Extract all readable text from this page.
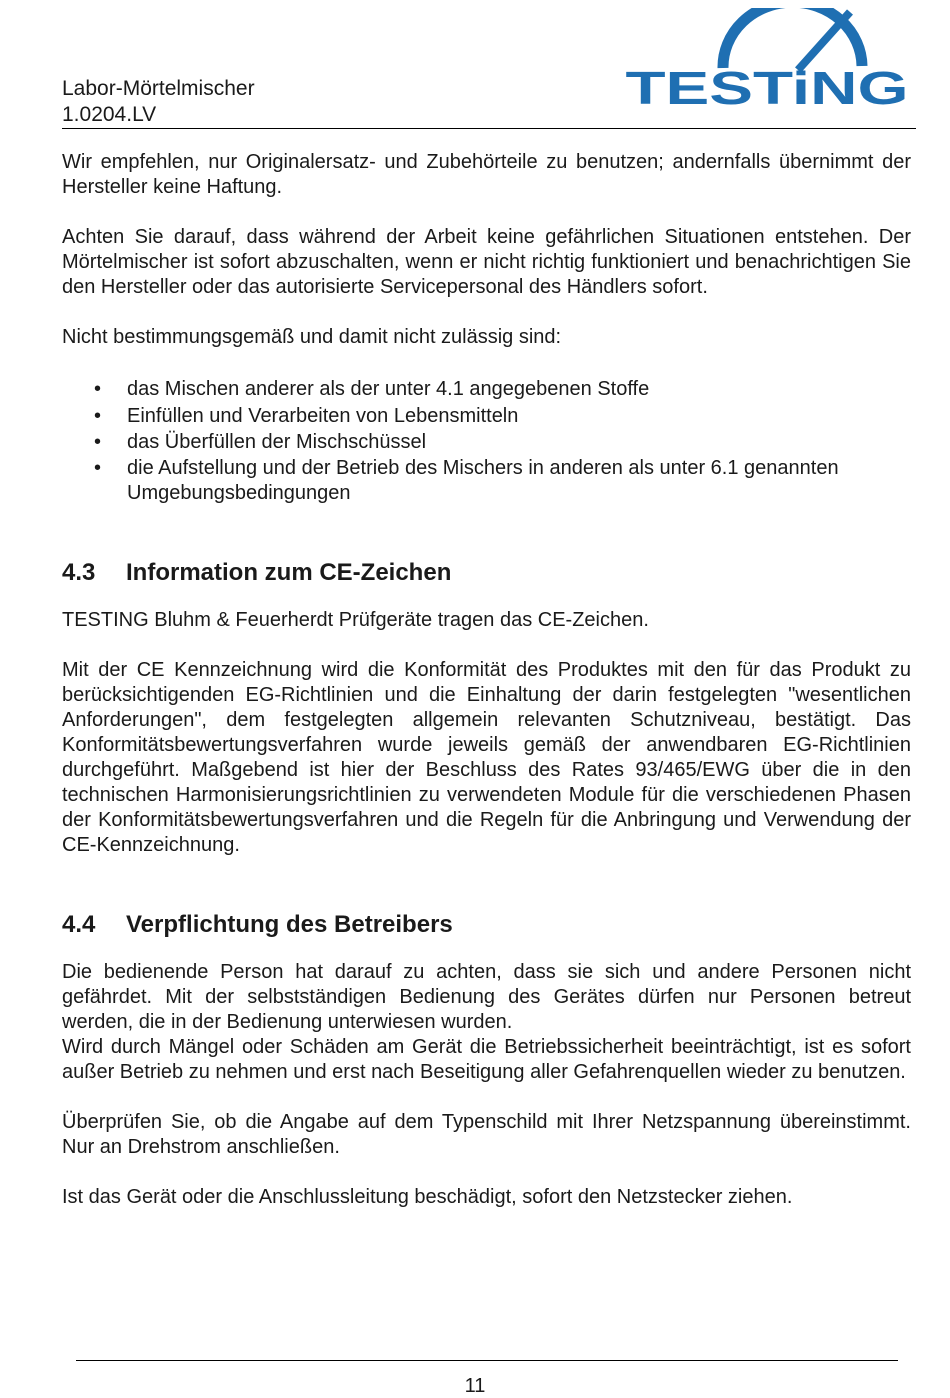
Labor-Mörtelmischer
1.0204.LV
TESTiNG

Wir empfehlen, nur Originalersatz- und Zubehörteile zu benutzen; andernfalls übernimmt der Hersteller keine Haftung.

Achten Sie darauf, dass während der Arbeit keine gefährlichen Situationen entstehen. Der Mörtelmischer ist sofort abzuschalten, wenn er nicht richtig funktioniert und benachrichtigen Sie den Hersteller oder das autorisierte Servicepersonal des Händlers sofort.

Nicht bestimmungsgemäß und damit nicht zulässig sind:

• das Mischen anderer als der unter 4.1 angegebenen Stoffe
• Einfüllen und Verarbeiten von Lebensmitteln
• das Überfüllen der Mischschüssel
• die Aufstellung und der Betrieb des Mischers in anderen als unter 6.1 genannten Umgebungsbedingungen
4.3 Information zum CE-Zeichen

TESTING Bluhm & Feuerherdt Prüfgeräte tragen das CE-Zeichen.

Mit der CE Kennzeichnung wird die Konformität des Produktes mit den für das Produkt zu berücksichtigenden EG-Richtlinien und die Einhaltung der darin festgelegten "wesentlichen Anforderungen", dem festgelegten allgemein relevanten Schutzniveau, bestätigt. Das Konformitätsbewertungsverfahren wurde jeweils gemäß der anwendbaren EG-Richtlinien durchgeführt. Maßgebend ist hier der Beschluss des Rates 93/465/EWG über die in den technischen Harmonisierungsrichtlinien zu verwendeten Module für die verschiedenen Phasen der Konformitätsbewertungsverfahren und die Regeln für die Anbringung und Verwendung der CE-Kennzeichnung.

4.4 Verpflichtung des Betreibers

Die bedienende Person hat darauf zu achten, dass sie sich und andere Personen nicht gefährdet. Mit der selbstständigen Bedienung des Gerätes dürfen nur Personen betreut werden, die in der Bedienung unterwiesen wurden.

Wird durch Mängel oder Schäden am Gerät die Betriebssicherheit beeinträchtigt, ist es sofort außer Betrieb zu nehmen und erst nach Beseitigung aller Gefahrenquellen wieder zu benutzen.

Überprüfen Sie, ob die Angabe auf dem Typenschild mit Ihrer Netzspannung übereinstimmt. Nur an Drehstrom anschließen.

Ist das Gerät oder die Anschlussleitung beschädigt, sofort den Netzstecker ziehen.

11
